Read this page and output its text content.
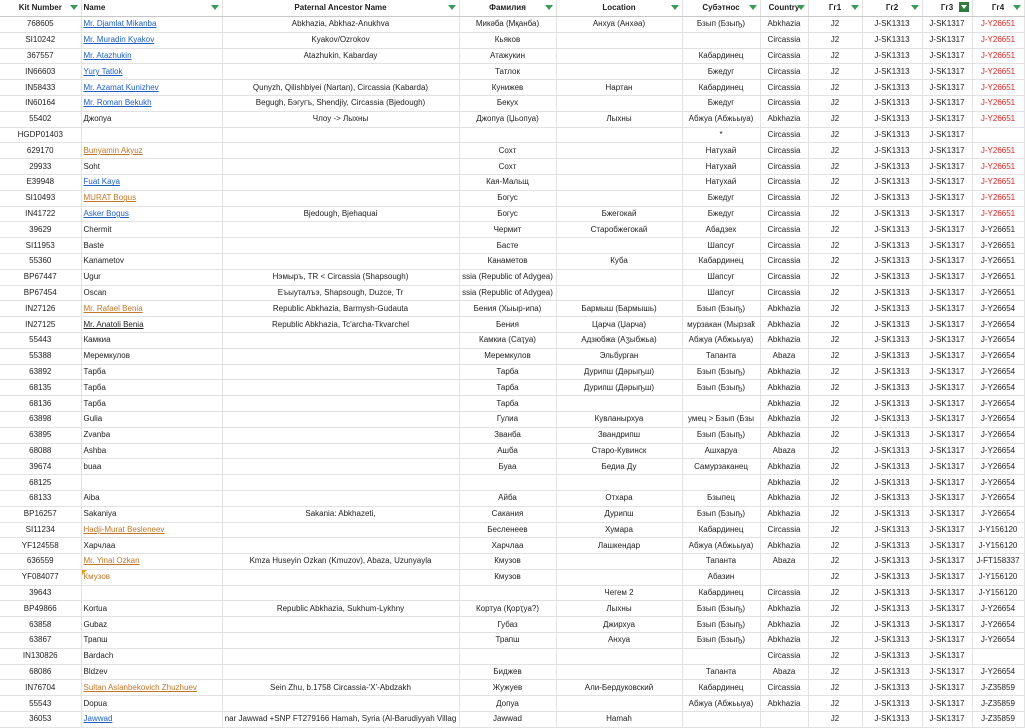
Kit Number	Name	Paternal Ancestor Name	Фамилия	Location	Субэтнос	Country	Гг1	Гг2	Гг3	Гг4

768605	Mr. Djamlat Mikanba	Abkhazia, Abkhaz-Anukhva	Микәба (Мқанба)	Анхуа (Анхәа)	Бзып (Бзыҧ)	Abkhazia	J2	J-SK1313	J-SK1317	J-Y26651
SI10242	Mr. Muradin Kyakov	Kyakov/Ozrokov	Кьяков			Circassia	J2	J-SK1313	J-SK1317	J-Y26651
367557	Mr. Atazhukin	Atazhukin, Kabarday	Атажукин		Кабардинец	Circassia	J2	J-SK1313	J-SK1317	J-Y26651
IN66603	Yury Tatlok		Татлок		Бжедуг	Circassia	J2	J-SK1313	J-SK1317	J-Y26651
IN58433	Mr. Azamat Kunizhev	Qunyzh, Qilishbiyei (Nartan), Circassia (Kabarda)	Кунижев	Нартан	Кабардинец	Circassia	J2	J-SK1313	J-SK1317	J-Y26651
IN60164	Mr. Roman Bekukh	Begugh, Бэгугъ, Shendjiy, Circassia (Bjedough)	Бекух		Бжедуг	Circassia	J2	J-SK1313	J-SK1317	J-Y26651
55402	Джопуа	Члоу -> Лыхны	Джопуа (Џьопуа)	Лыхны	Абжуа (Абжьыуа)	Abkhazia	J2	J-SK1313	J-SK1317	J-Y26651
HGDP01403					*	Circassia	J2	J-SK1313	J-SK1317	
629170	Bunyamin Akyuz		Сохт		Натухай	Circassia	J2	J-SK1313	J-SK1317	J-Y26651
29933	Soht		Сохт		Натухай	Circassia	J2	J-SK1313	J-SK1317	J-Y26651
E39948	Fuat Kaya		Кая-Мальщ		Натухай	Circassia	J2	J-SK1313	J-SK1317	J-Y26651
SI10493	MURAT Bogus		Богус		Бжедуг	Circassia	J2	J-SK1313	J-SK1317	J-Y26651
IN41722	Asker Bogus	Bjedough, Bjehaquai	Богус	Бжегокай	Бжедуг	Circassia	J2	J-SK1313	J-SK1317	J-Y26651
39629	Chermit		Чермит	Старобжегокай	Абадзех	Circassia	J2	J-SK1313	J-SK1317	J-Y26651
SI11953	Baste		Басте		Шапсуг	Circassia	J2	J-SK1313	J-SK1317	J-Y26651
55360	Kanametov		Канаметов	Куба	Кабардинец	Circassia	J2	J-SK1313	J-SK1317	J-Y26651
BP67447	Ugur	Нэмыръ, TR < Circassia (Shapsough)	ssia (Republic of Adygea)		Шапсуг	Circassia	J2	J-SK1313	J-SK1317	J-Y26651
BP67454	Oscan	Еъыуталъэ, Shapsough, Duzce, Tr	ssia (Republic of Adygea)		Шапсуг	Circassia	J2	J-SK1313	J-SK1317	J-Y26651
IN27126	Mr. Rafael Benia	Republic Abkhazia, Barmysh-Gudauta	Бения (Хыыр-ипа)	Бармыш (Бармышь)	Бзып (Бзыҧ)	Abkhazia	J2	J-SK1313	J-SK1317	J-Y26654
IN27125	Mr. Anatoli Benia	Republic Abkhazia, Tc'archa-Tkvarchel	Бения	Царча (Џарча)	мурзакан (Мырзаҟ	Abkhazia	J2	J-SK1313	J-SK1317	J-Y26654
55443	Камкиа		Камкиа (Саҭуа)	Адзюбжа (Аӡыбжьа)	Абжуа (Абжьыуа)	Abkhazia	J2	J-SK1313	J-SK1317	J-Y26654
55388	Меремкулов		Меремкулов	Эльбурган	Тапанта	Abaza	J2	J-SK1313	J-SK1317	J-Y26654
63892	Тарба		Тарба	Дурипш (Дәрыҧш)	Бзып (Бзыҧ)	Abkhazia	J2	J-SK1313	J-SK1317	J-Y26654
68135	Тарба		Тарба	Дурипш (Дәрыҧш)	Бзып (Бзыҧ)	Abkhazia	J2	J-SK1313	J-SK1317	J-Y26654
68136	Тарба		Тарба			Abkhazia	J2	J-SK1313	J-SK1317	J-Y26654
63898	Gulia		Гулиа	Кувланырхуа	умец > Бзып (Бзы	Abkhazia	J2	J-SK1313	J-SK1317	J-Y26654
63895	Zvanba		Званба	Звандрипш	Бзып (Бзыҧ)	Abkhazia	J2	J-SK1313	J-SK1317	J-Y26654
68088	Ashba		Ашба	Старо-Кувинск	Ашхаруа	Abaza	J2	J-SK1313	J-SK1317	J-Y26654
39674	buaa		Буаа	Бедиа Ду	Самурзаканец	Abkhazia	J2	J-SK1313	J-SK1317	J-Y26654
68125						Abkhazia	J2	J-SK1313	J-SK1317	J-Y26654
68133	Aiba		Айба	Отхара	Бзыпец	Abkhazia	J2	J-SK1313	J-SK1317	J-Y26654
BP16257	Sakaniya	Sakania: Abkhazeti,	Сакания	Дурипш	Бзып (Бзыҧ)	Abkhazia	J2	J-SK1313	J-SK1317	J-Y26654
SI11234	Hadji-Murat Besleneev		Бесленеев	Хумара	Кабардинец	Circassia	J2	J-SK1313	J-SK1317	J-Y156120
YF124558	Харчлаа		Харчлаа	Лашкендар	Абжуа (Абжьыуа)	Abkhazia	J2	J-SK1313	J-SK1317	J-Y156120
636559	Mr. Yinal Ozkan	Kmza Huseyin Ozkan (Kmuzov), Abaza, Uzunyayla	Кмузов		Тапанта	Abaza	J2	J-SK1313	J-SK1317	J-FT158337
YF084077	Кмузов		Кмузов		Абазин		J2	J-SK1313	J-SK1317	J-Y156120
39643				Чегем 2	Кабардинец	Circassia	J2	J-SK1313	J-SK1317	J-Y156120
BP49866	Kortua	Republic Abkhazia, Sukhum-Lykhny	Кортуа (Қорҭуа?)	Лыхны	Бзып (Бзыҧ)	Abkhazia	J2	J-SK1313	J-SK1317	J-Y26654
63858	Gubaz		Губаз	Джирхуа	Бзып (Бзыҧ)	Abkhazia	J2	J-SK1313	J-SK1317	J-Y26654
63867	Трапш		Трапш	Анхуа	Бзып (Бзыҧ)	Abkhazia	J2	J-SK1313	J-SK1317	J-Y26654
IN130826	Bardach					Circassia	J2	J-SK1313	J-SK1317	
68086	Bldzev		Биджев		Тапанта	Abaza	J2	J-SK1313	J-SK1317	J-Y26654
IN76704	Sultan Aslanbekovich Zhuzhuev	Sein Zhu, b.1758 Circassia-'X'-Abdzakh	Жужуев	Али-Бердуковский	Кабардинец	Circassia	J2	J-SK1313	J-SK1317	J-Z35859
55543	Dopua		Допуа		Абжуа (Абжьыуа)	Abkhazia	J2	J-SK1313	J-SK1317	J-Z35859
36053	Jawwad	nar Jawwad +SNP FT279166 Hamah, Syria (Al-Barudiyyah Villag	Jawwad	Hamah			J2	J-SK1313	J-SK1317	J-Z35859
